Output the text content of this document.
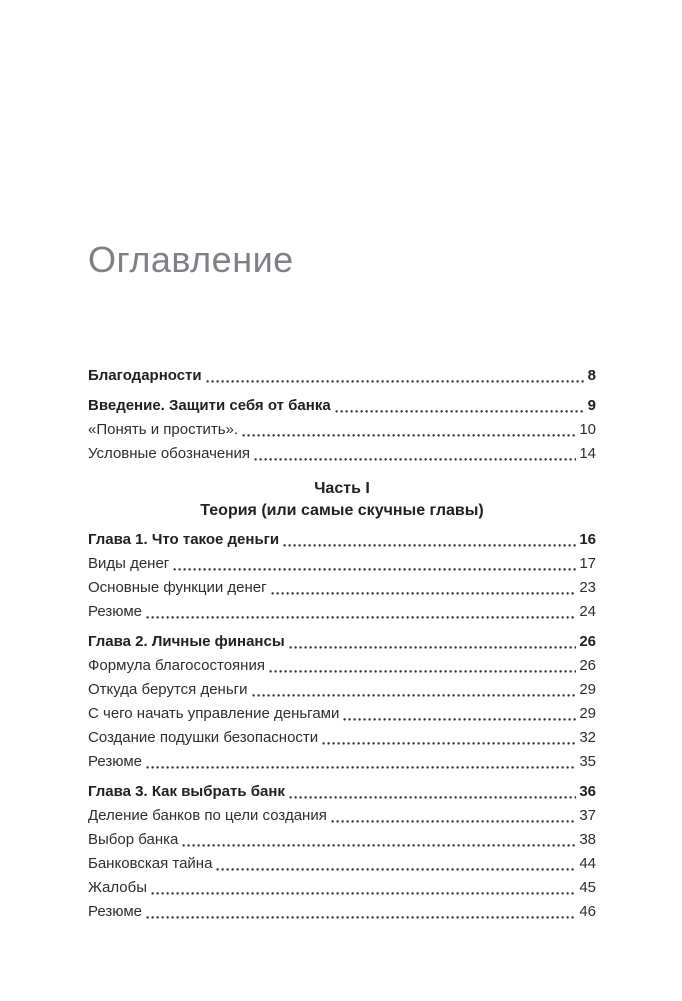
Оглавление
Благодарности	8
Введение. Защити себя от банка	9
«Понять и простить».	10
Условные обозначения	14
Часть I
Теория (или самые скучные главы)
Глава 1. Что такое деньги	16
Виды денег	17
Основные функции денег	23
Резюме	24
Глава 2. Личные финансы	26
Формула благосостояния	26
Откуда берутся деньги	29
С чего начать управление деньгами	29
Создание подушки безопасности	32
Резюме	35
Глава 3. Как выбрать банк	36
Деление банков по цели создания	37
Выбор банка	38
Банковская тайна	44
Жалобы	45
Резюме	46
